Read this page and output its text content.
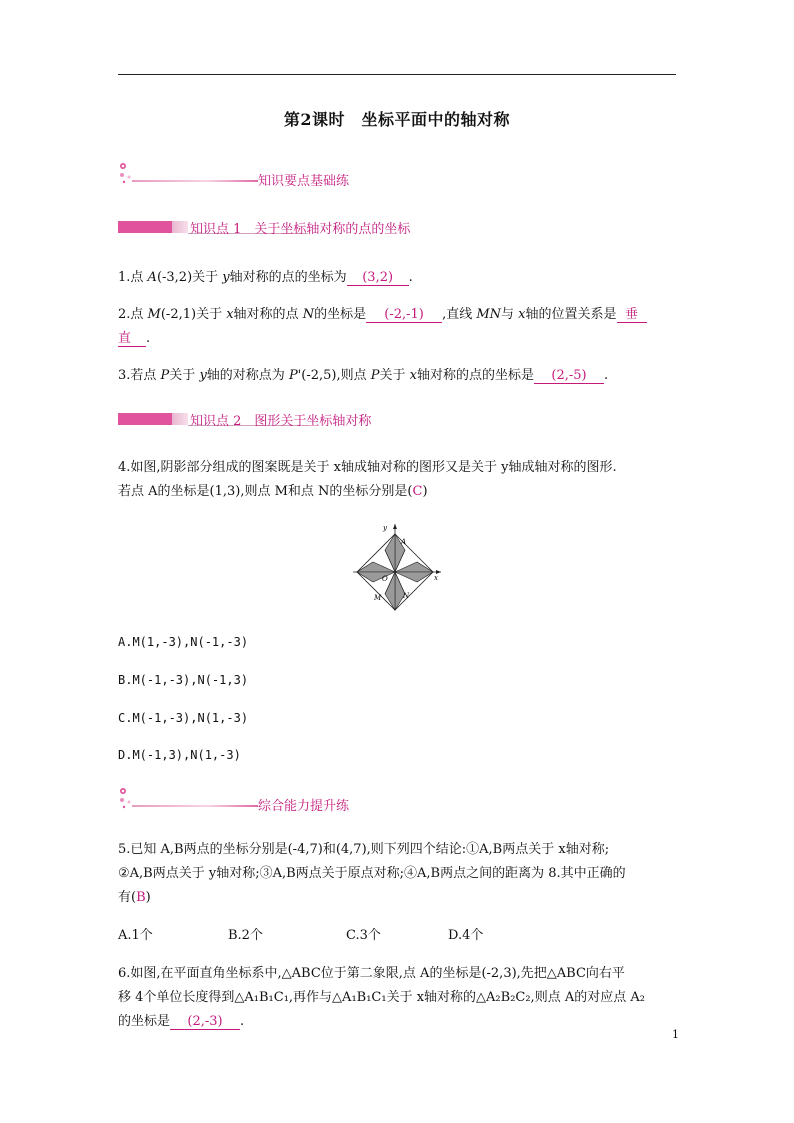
第2课时　坐标平面中的轴对称
知识要点基础练
知识点 1　关于坐标轴对称的点的坐标
1.点 A(-3,2)关于 y轴对称的点的坐标为 (3,2) .
2.点 M(-2,1)关于 x轴对称的点 N的坐标是 (-2,-1) ,直线 MN与 x轴的位置关系是 垂
直 .
3.若点 P关于 y轴的对称点为 P'(-2,5),则点 P关于 x轴对称的点的坐标是 (2,-5) .
知识点 2　图形关于坐标轴对称
4.如图,阴影部分组成的图案既是关于 x轴成轴对称的图形又是关于 y轴成轴对称的图形.
若点 A的坐标是(1,3),则点 M和点 N的坐标分别是(C)
y
x
A
O
M	N
A.M(1,-3),N(-1,-3)
B.M(-1,-3),N(-1,3)
C.M(-1,-3),N(1,-3)
D.M(-1,3),N(1,-3)
综合能力提升练
5.已知 A,B两点的坐标分别是(-4,7)和(4,7),则下列四个结论:①A,B两点关于 x轴对称;
②A,B两点关于 y轴对称;③A,B两点关于原点对称;④A,B两点之间的距离为 8.其中正确的
有(B)
A.1个	B.2个	C.3个	D.4个
6.如图,在平面直角坐标系中,△ABC位于第二象限,点 A的坐标是(-2,3),先把△ABC向右平
移 4个单位长度得到△A₁B₁C₁,再作与△A₁B₁C₁关于 x轴对称的△A₂B₂C₂,则点 A的对应点 A₂
的坐标是 (2,-3) .
1
